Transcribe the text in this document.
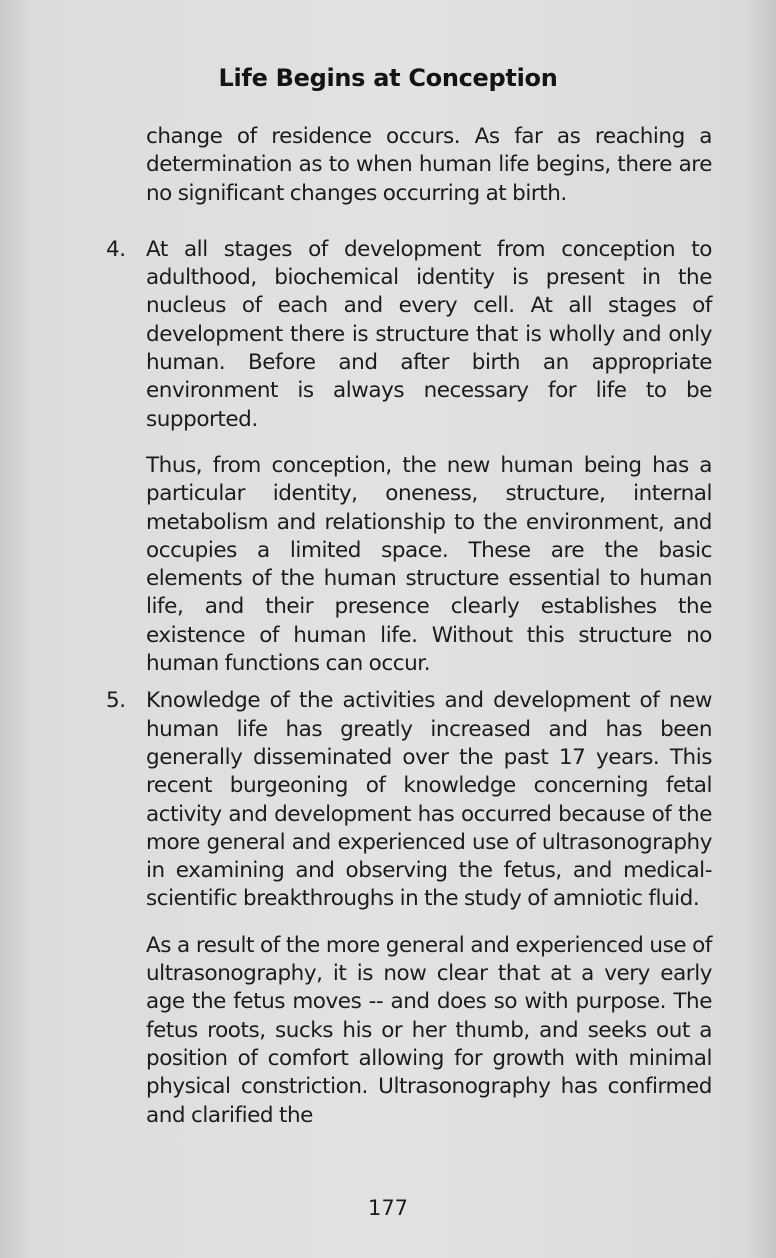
Life Begins at Conception

change of residence occurs. As far as reaching a determination as to when human life begins, there are no significant changes occurring at birth.

4. At all stages of development from conception to adulthood, biochemical identity is present in the nucleus of each and every cell. At all stages of development there is structure that is wholly and only human. Before and after birth an appropriate environment is always necessary for life to be supported.

Thus, from conception, the new human being has a particular identity, oneness, structure, internal metabolism and relationship to the environment, and occupies a limited space. These are the basic elements of the human structure essential to human life, and their presence clearly establishes the existence of human life. Without this structure no human functions can occur.

5. Knowledge of the activities and development of new human life has greatly increased and has been generally disseminated over the past 17 years. This recent burgeoning of knowledge concerning fetal activity and development has occurred because of the more general and experienced use of ultrasonography in examining and observing the fetus, and medical-scientific breakthroughs in the study of amniotic fluid.

As a result of the more general and experienced use of ultrasonography, it is now clear that at a very early age the fetus moves -- and does so with purpose. The fetus roots, sucks his or her thumb, and seeks out a position of comfort allowing for growth with minimal physical constriction. Ultrasonography has confirmed and clarified the

177
